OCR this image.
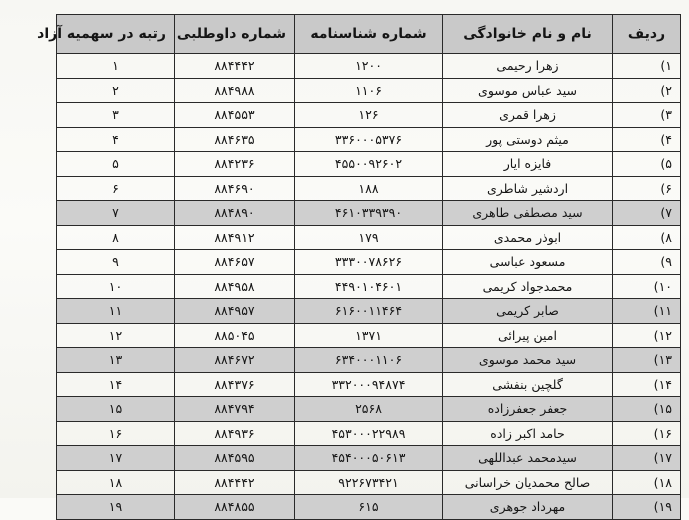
ردیف	نام و نام خانوادگی	شماره شناسنامه	شماره داوطلبی	رتبه در سهمیه آزاد
۱)	زهرا رحیمی	۱۲۰۰	۸۸۴۴۴۲	۱
۲)	سید عباس موسوی	۱۱۰۶	۸۸۴۹۸۸	۲
۳)	زهرا قمری	۱۲۶	۸۸۴۵۵۳	۳
۴)	میثم دوستی پور	۳۳۶۰۰۰۵۳۷۶	۸۸۴۶۳۵	۴
۵)	فایزه ایار	۴۵۵۰۰۹۲۶۰۲	۸۸۴۲۳۶	۵
۶)	اردشیر شاطری	۱۸۸	۸۸۴۶۹۰	۶
۷)	سید مصطفی طاهری	۴۶۱۰۳۳۹۳۹۰	۸۸۴۸۹۰	۷
۸)	ابوذر محمدی	۱۷۹	۸۸۴۹۱۲	۸
۹)	مسعود عباسی	۳۳۳۰۰۷۸۶۲۶	۸۸۴۶۵۷	۹
۱۰)	محمدجواد کریمی	۴۴۹۰۱۰۴۶۰۱	۸۸۴۹۵۸	۱۰
۱۱)	صابر کریمی	۶۱۶۰۰۱۱۴۶۴	۸۸۴۹۵۷	۱۱
۱۲)	امین پیرائی	۱۳۷۱	۸۸۵۰۴۵	۱۲
۱۳)	سید محمد موسوی	۶۳۴۰۰۰۱۱۰۶	۸۸۴۶۷۲	۱۳
۱۴)	گلچین بنفشی	۳۳۲۰۰۰۹۴۸۷۴	۸۸۴۳۷۶	۱۴
۱۵)	جعفر جعفرزاده	۲۵۶۸	۸۸۴۷۹۴	۱۵
۱۶)	حامد اکبر زاده	۴۵۳۰۰۰۲۲۹۸۹	۸۸۴۹۳۶	۱۶
۱۷)	سیدمحمد عبداللهی	۴۵۴۰۰۰۵۰۶۱۳	۸۸۴۵۹۵	۱۷
۱۸)	صالح محمدیان خراسانی	۹۲۲۶۷۳۴۲۱	۸۸۴۴۴۲	۱۸
۱۹)	مهرداد جوهری	۶۱۵	۸۸۴۸۵۵	۱۹
